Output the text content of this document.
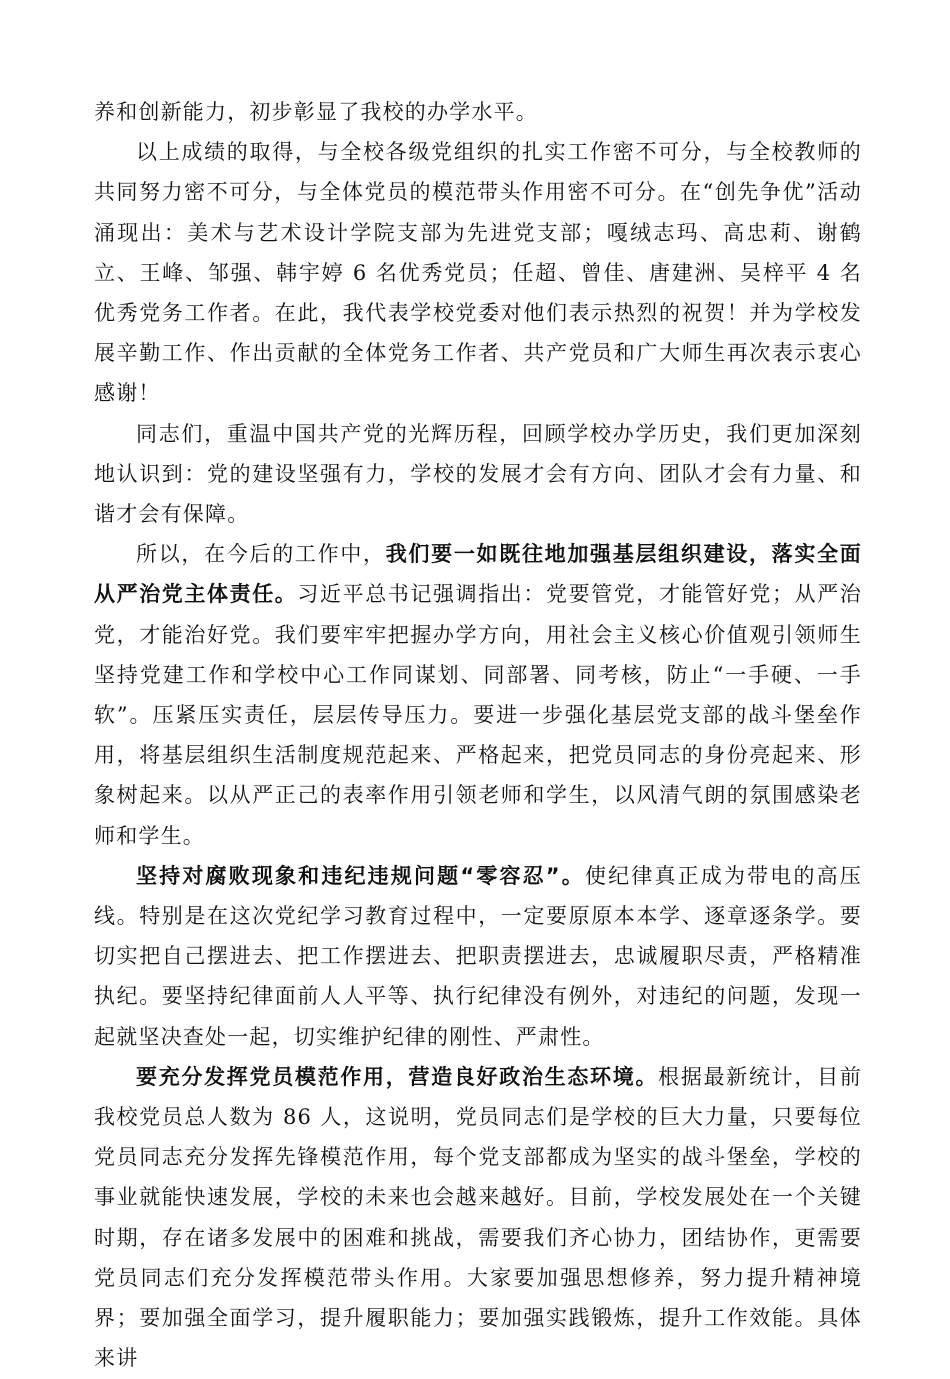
养和创新能力，初步彰显了我校的办学水平。

以上成绩的取得，与全校各级党组织的扎实工作密不可分，与全校教师的共同努力密不可分，与全体党员的模范带头作用密不可分。在“创先争优”活动涌现出：美术与艺术设计学院支部为先进党支部；嘎绒志玛、高忠莉、谢鹤立、王峰、邹强、韩宇婷 6 名优秀党员；任超、曾佳、唐建洲、吴梓平 4 名优秀党务工作者。在此，我代表学校党委对他们表示热烈的祝贺！并为学校发展辛勤工作、作出贡献的全体党务工作者、共产党员和广大师生再次表示衷心感谢！

同志们，重温中国共产党的光辉历程，回顾学校办学历史，我们更加深刻地认识到：党的建设坚强有力，学校的发展才会有方向、团队才会有力量、和谐才会有保障。

所以，在今后的工作中，我们要一如既往地加强基层组织建设，落实全面从严治党主体责任。习近平总书记强调指出：党要管党，才能管好党；从严治党，才能治好党。我们要牢牢把握办学方向，用社会主义核心价值观引领师生坚持党建工作和学校中心工作同谋划、同部署、同考核，防止“一手硬、一手软”。压紧压实责任，层层传导压力。要进一步强化基层党支部的战斗堡垒作用，将基层组织生活制度规范起来、严格起来，把党员同志的身份亮起来、形象树起来。以从严正己的表率作用引领老师和学生，以风清气朗的氛围感染老师和学生。

坚持对腐败现象和违纪违规问题“零容忍”。使纪律真正成为带电的高压线。特别是在这次党纪学习教育过程中，一定要原原本本学、逐章逐条学。要切实把自己摆进去、把工作摆进去、把职责摆进去，忠诚履职尽责，严格精准执纪。要坚持纪律面前人人平等、执行纪律没有例外，对违纪的问题，发现一起就坚决查处一起，切实维护纪律的刚性、严肃性。

要充分发挥党员模范作用，营造良好政治生态环境。根据最新统计，目前我校党员总人数为 86 人，这说明，党员同志们是学校的巨大力量，只要每位党员同志充分发挥先锋模范作用，每个党支部都成为坚实的战斗堡垒，学校的事业就能快速发展，学校的未来也会越来越好。目前，学校发展处在一个关键时期，存在诸多发展中的困难和挑战，需要我们齐心协力，团结协作，更需要党员同志们充分发挥模范带头作用。大家要加强思想修养，努力提升精神境界；要加强全面学习，提升履职能力；要加强实践锻炼，提升工作效能。具体来讲
